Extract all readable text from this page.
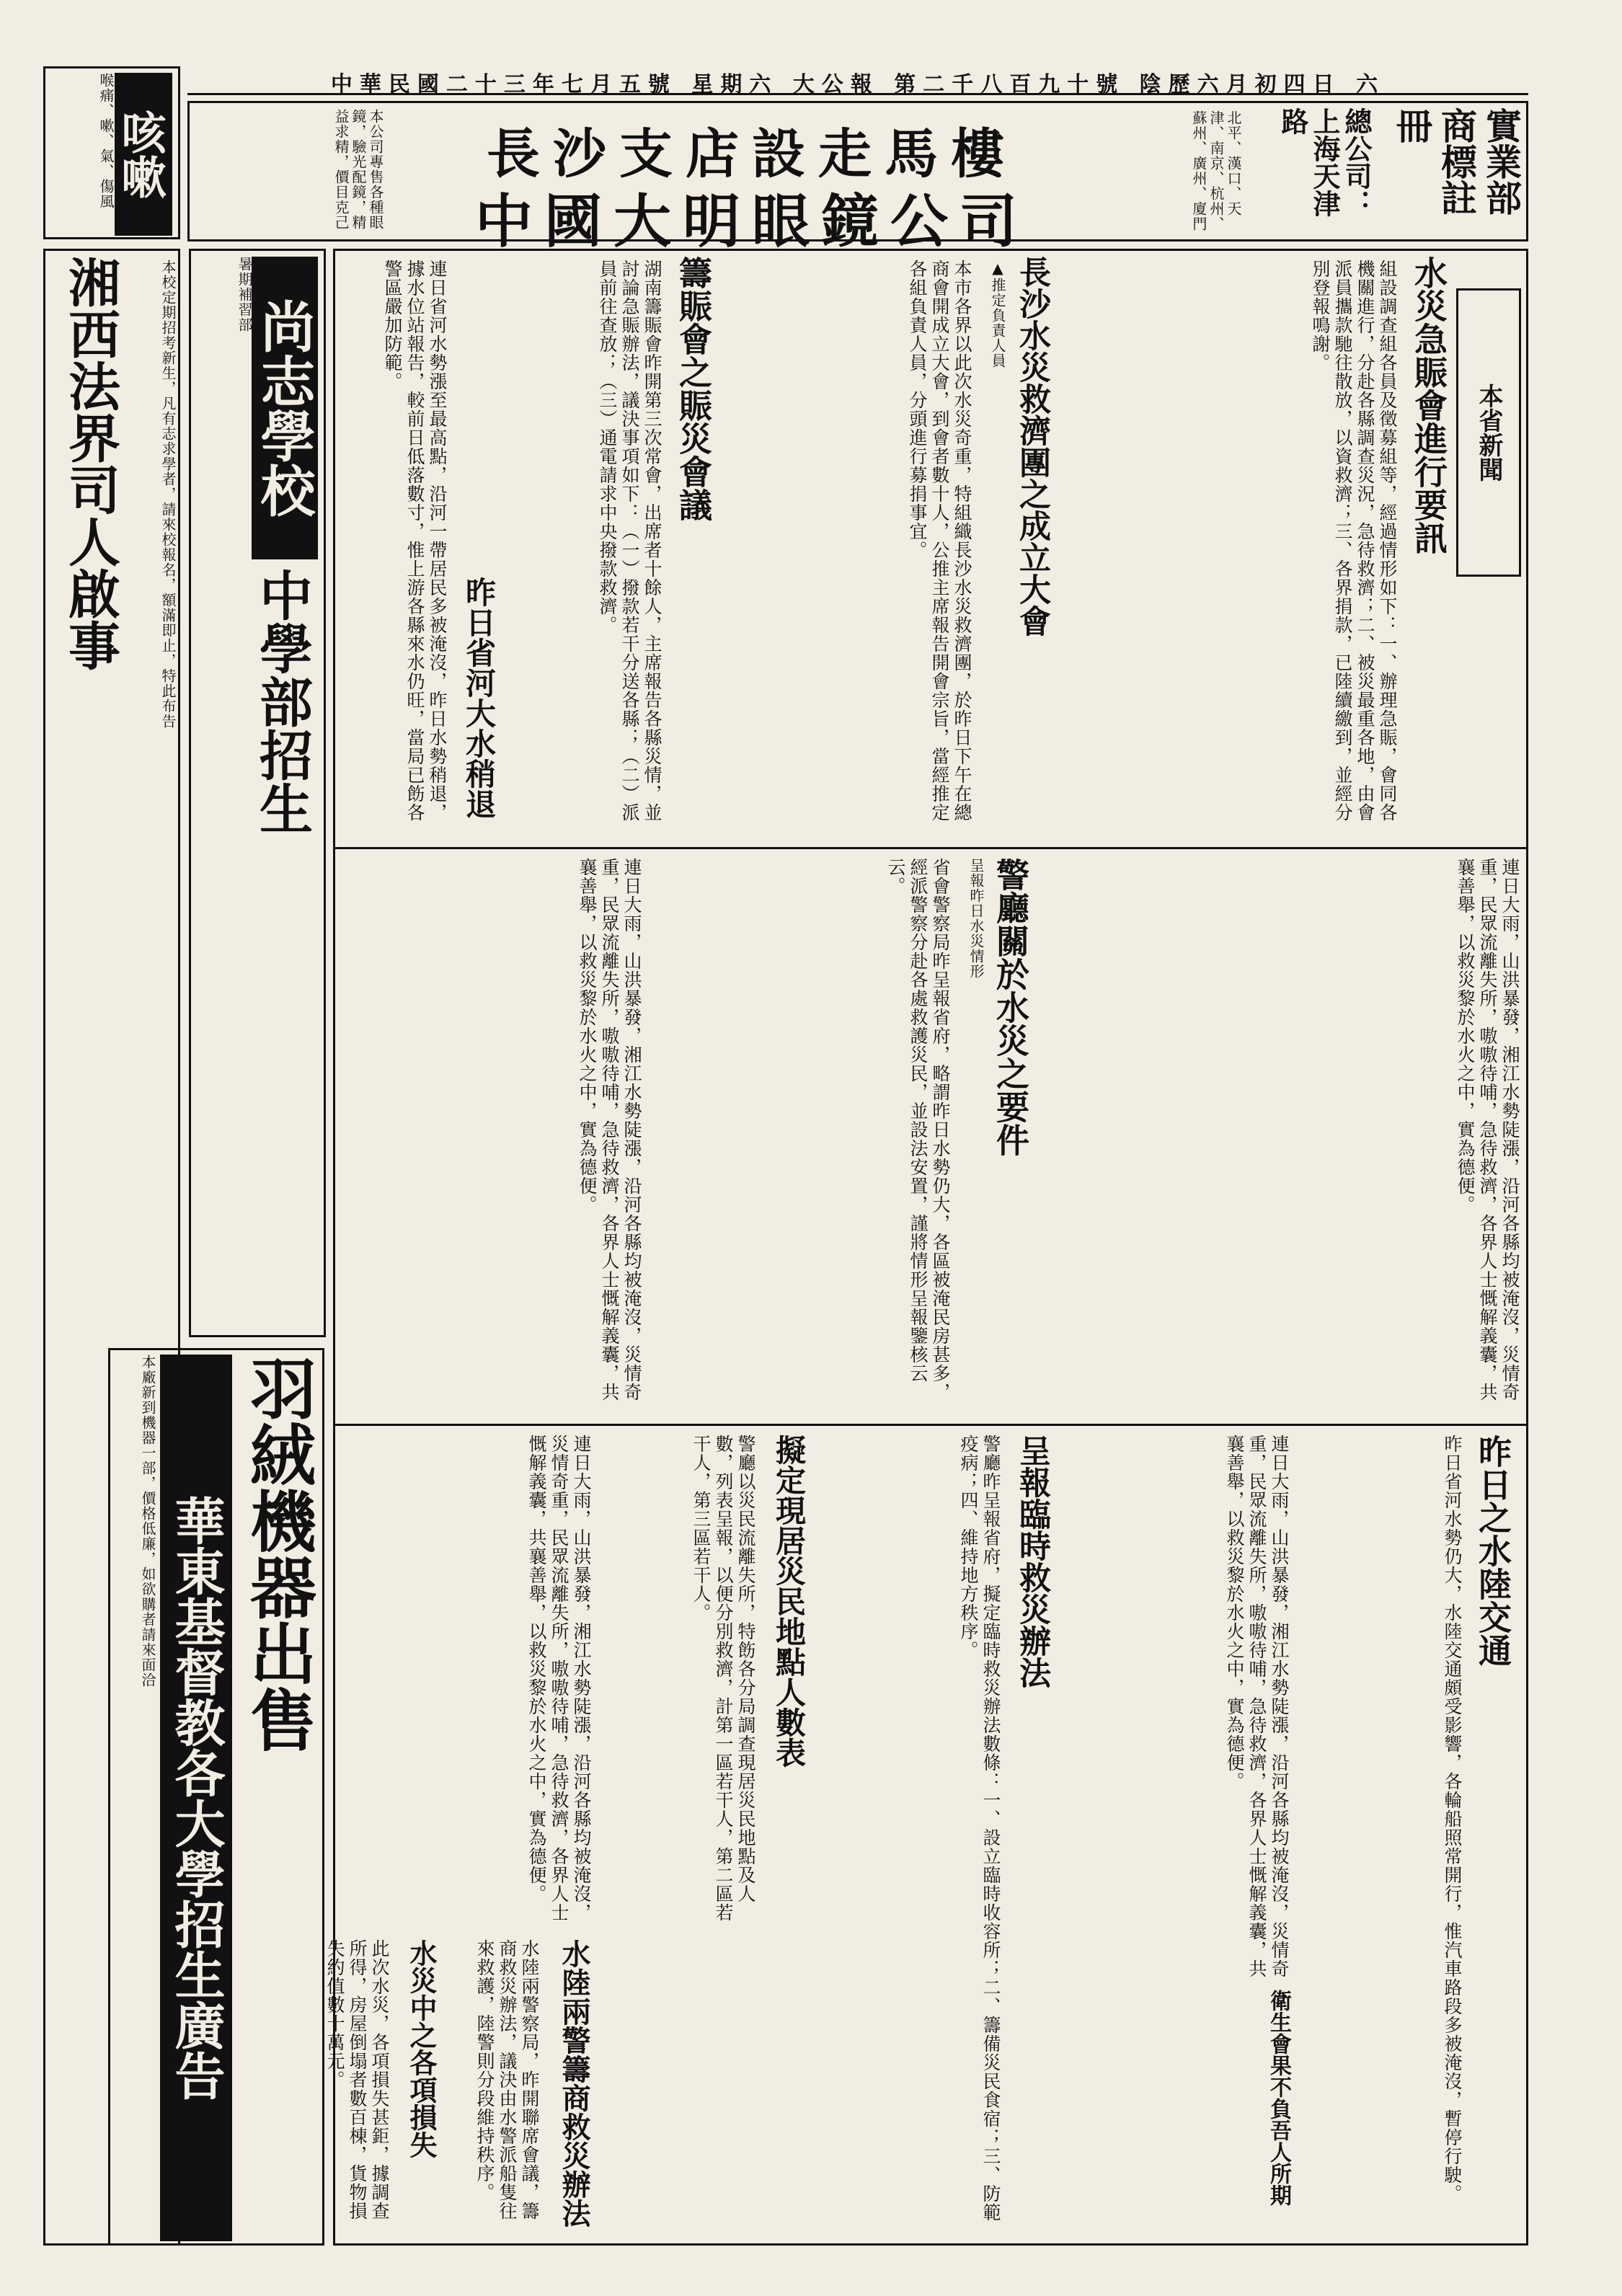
中華民國二十三年七月五號 星期六 大公報 第二千八百九十號 陰歷六月初四日 六
咳嗽
喉痛、嗽、氣、傷風	本公司專售各種眼鏡，驗光配鏡，精益求精，價目克己	長沙支店設走馬樓
中國大明眼鏡公司
北平、漢口、天津、南京、杭州、蘇州、廣州、廈門	總公司：上海天津路	實業部商標註冊
湘西法界司人啟事	本校定期招考新生，凡有志求學者，請來校報名，額滿即止，特此布告 尚志學校
中學部招生
暑期補習部
羽絨機器出售
華東基督教各大學招生廣告
本廠新到機器一部，價格低廉，如欲購者請來面洽
本省新聞
水災急賑會進行要訊
組設調查組各員及徵募組等，經過情形如下：一、辦理急賑，會同各機關進行，分赴各縣調查災況，急待救濟；二、被災最重各地，由會派員攜款馳往散放，以資救濟；三、各界捐款，已陸續繳到，並經分別登報鳴謝。
長沙水災救濟團之成立大會
▲推定負責人員
本市各界以此次水災奇重，特組織長沙水災救濟團，於昨日下午在總商會開成立大會，到會者數十人，公推主席報告開會宗旨，當經推定各組負責人員，分頭進行募捐事宜。
籌賑會之賑災會議
湖南籌賑會昨開第三次常會，出席者十餘人，主席報告各縣災情，並討論急賑辦法，議決事項如下：（一）撥款若干分送各縣；（二）派員前往查放；（三）通電請求中央撥款救濟。
昨日省河大水稍退
連日省河水勢漲至最高點，沿河一帶居民多被淹沒，昨日水勢稍退，據水位站報告，較前日低落數寸，惟上游各縣來水仍旺，當局已飭各警區嚴加防範。
連日大雨，山洪暴發，湘江水勢陡漲，沿河各縣均被淹沒，災情奇重，民眾流離失所，嗷嗷待哺，急待救濟，各界人士慨解義囊，共襄善舉，以救災黎於水火之中，實為德便。
警廳關於水災之要件
呈報昨日水災情形
省會警察局昨呈報省府，略謂昨日水勢仍大，各區被淹民房甚多，經派警察分赴各處救護災民，並設法安置，謹將情形呈報鑒核云云。
連日大雨，山洪暴發，湘江水勢陡漲，沿河各縣均被淹沒，災情奇重，民眾流離失所，嗷嗷待哺，急待救濟，各界人士慨解義囊，共襄善舉，以救災黎於水火之中，實為德便。
昨日之水陸交通
昨日省河水勢仍大，水陸交通頗受影響，各輪船照常開行，惟汽車路段多被淹沒，暫停行駛。
連日大雨，山洪暴發，湘江水勢陡漲，沿河各縣均被淹沒，災情奇重，民眾流離失所，嗷嗷待哺，急待救濟，各界人士慨解義囊，共襄善舉，以救災黎於水火之中，實為德便。
衛生會果不負吾人所期
呈報臨時救災辦法
警廳昨呈報省府，擬定臨時救災辦法數條：一、設立臨時收容所；二、籌備災民食宿；三、防範疫病；四、維持地方秩序。
擬定現居災民地點人數表
警廳以災民流離失所，特飭各分局調查現居災民地點及人數，列表呈報，以便分別救濟，計第一區若干人，第二區若干人，第三區若干人。
水陸兩警籌商救災辦法
水陸兩警察局，昨開聯席會議，籌商救災辦法，議決由水警派船隻往來救護，陸警則分段維持秩序。
水災中之各項損失
此次水災，各項損失甚鉅，據調查所得，房屋倒塌者數百棟，貨物損失約值數十萬元。
連日大雨，山洪暴發，湘江水勢陡漲，沿河各縣均被淹沒，災情奇重，民眾流離失所，嗷嗷待哺，急待救濟，各界人士慨解義囊，共襄善舉，以救災黎於水火之中，實為德便。
